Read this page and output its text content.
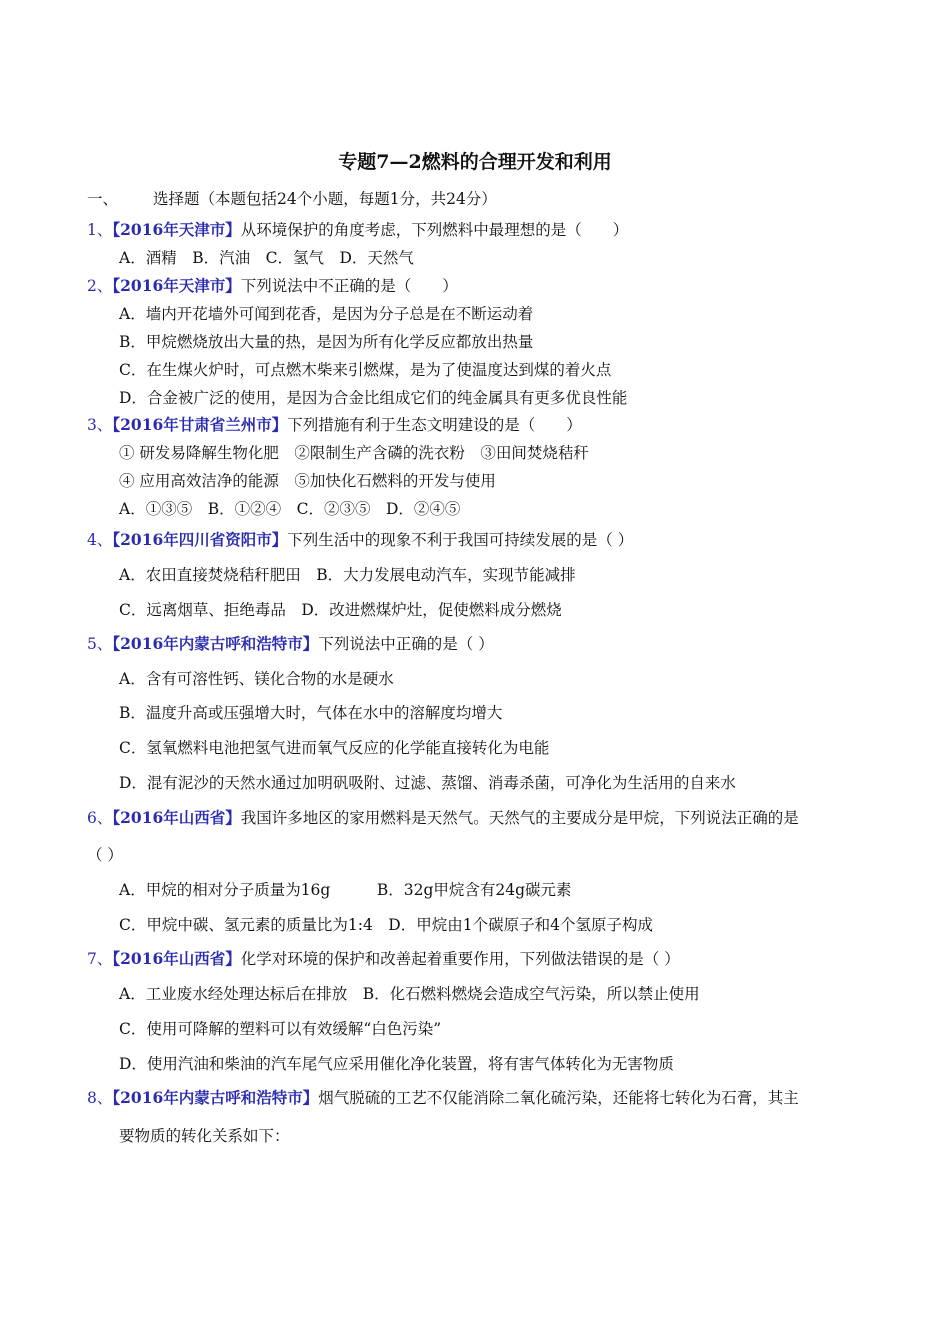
专题7—2燃料的合理开发和利用
一、 选择题（本题包括24个小题，每题1分，共24分）
1、【2016年天津市】从环境保护的角度考虑，下列燃料中最理想的是（　　）
A．酒精　B．汽油　C．氢气　D．天然气
2、【2016年天津市】下列说法中不正确的是（　　）
A．墙内开花墙外可闻到花香，是因为分子总是在不断运动着
B．甲烷燃烧放出大量的热，是因为所有化学反应都放出热量
C．在生煤火炉时，可点燃木柴来引燃煤，是为了使温度达到煤的着火点
D．合金被广泛的使用，是因为合金比组成它们的纯金属具有更多优良性能
3、【2016年甘肃省兰州市】下列措施有利于生态文明建设的是（　　）
① 研发易降解生物化肥　②限制生产含磷的洗衣粉　③田间焚烧秸秆
④ 应用高效洁净的能源　⑤加快化石燃料的开发与使用
A．①③⑤　B．①②④　C．②③⑤　D．②④⑤
4、【2016年四川省资阳市】下列生活中的现象不利于我国可持续发展的是（ ）
A．农田直接焚烧秸秆肥田　B．大力发展电动汽车，实现节能减排
C．远离烟草、拒绝毒品　D．改进燃煤炉灶，促使燃料成分燃烧
5、【2016年内蒙古呼和浩特市】下列说法中正确的是（ ）
A．含有可溶性钙、镁化合物的水是硬水
B．温度升高或压强增大时，气体在水中的溶解度均增大
C．氢氧燃料电池把氢气进而氧气反应的化学能直接转化为电能
D．混有泥沙的天然水通过加明矾吸附、过滤、蒸馏、消毒杀菌，可净化为生活用的自来水
6、【2016年山西省】我国许多地区的家用燃料是天然气。天然气的主要成分是甲烷，下列说法正确的是
（ ）
A．甲烷的相对分子质量为16g　　　B．32g甲烷含有24g碳元素
C．甲烷中碳、氢元素的质量比为1:4　D．甲烷由1个碳原子和4个氢原子构成
7、【2016年山西省】化学对环境的保护和改善起着重要作用，下列做法错误的是（ ）
A．工业废水经处理达标后在排放　B．化石燃料燃烧会造成空气污染，所以禁止使用
C．使用可降解的塑料可以有效缓解“白色污染”
D．使用汽油和柴油的汽车尾气应采用催化净化装置，将有害气体转化为无害物质
8、【2016年内蒙古呼和浩特市】烟气脱硫的工艺不仅能消除二氧化硫污染，还能将七转化为石膏，其主
要物质的转化关系如下：
